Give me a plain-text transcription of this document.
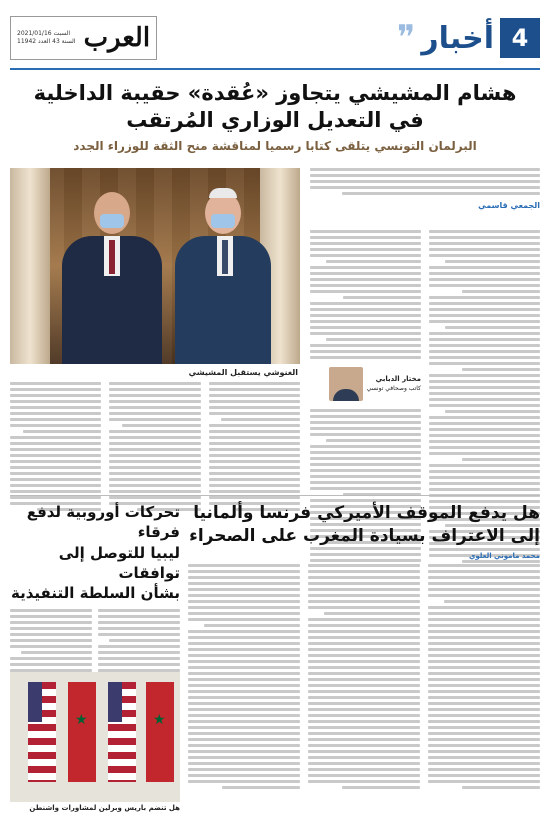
2021/01/16 السبت
السنة 43 العدد 11942 العرب	❞ أخبار 4
هشام المشيشي يتجاوز «عُقدة» حقيبة الداخلية
في التعديل الوزاري المُرتقب
البرلمان التونسي يتلقى كتابا رسميا لمناقشة منح الثقة للوزراء الجدد
الغنوشي يستقبل المشيشي
الجمعي قاسمي
مختار الدبابي
كاتب وصحافي تونسي
هل يدفع الموقف الأميركي فرنسا وألمانيا
إلى الاعتراف بسيادة المغرب على الصحراء
محمد ماموني العلوي
تحركات أوروبية لدفع فرقاء
ليبيا للتوصل إلى توافقات
بشأن السلطة التنفيذية
★
★
هل تنضم باريس وبرلين لمشاورات واشنطن
